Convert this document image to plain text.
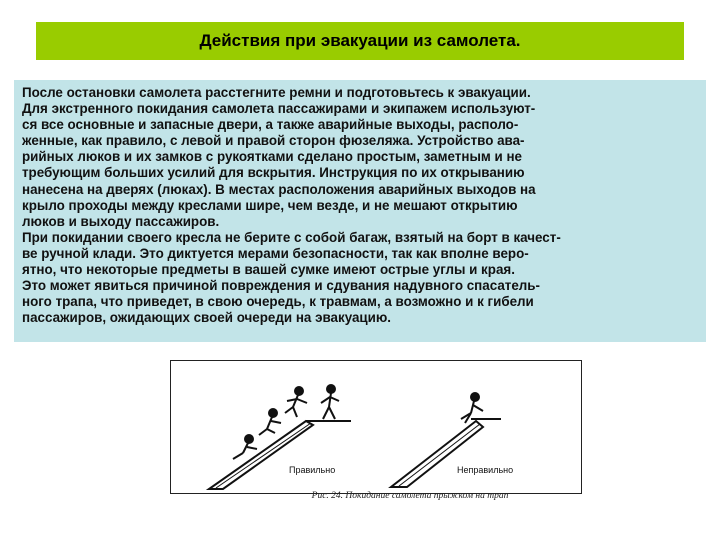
Действия при эвакуации из самолета.

После остановки самолета расстегните ремни и подготовьтесь к эвакуации.
Для экстренного покидания самолета пассажирами и экипажем используют-
ся все основные и запасные двери, а также аварийные выходы, располо-
женные, как правило, с левой и правой сторон фюзеляжа. Устройство ава-
рийных люков и их замков с рукоятками сделано простым, заметным и не
требующим больших усилий для вскрытия. Инструкция по их открыванию
нанесена на дверях (люках). В местах расположения аварийных выходов на
крыло проходы между креслами шире, чем везде, и не мешают открытию
люков и выходу пассажиров.

При покидании своего кресла не берите с собой багаж, взятый на борт в качест-
ве ручной клади. Это диктуется мерами безопасности, так как вполне веро-
ятно, что некоторые предметы в вашей сумке имеют острые углы и края.
Это может явиться причиной повреждения и сдувания надувного спасатель-
ного трапа, что приведет, в свою очередь, к травмам, а возможно и к гибели
пассажиров, ожидающих своей очереди на эвакуацию.

Правильно	Неправильно
Рис. 24. Покидание самолета прыжком на трап
